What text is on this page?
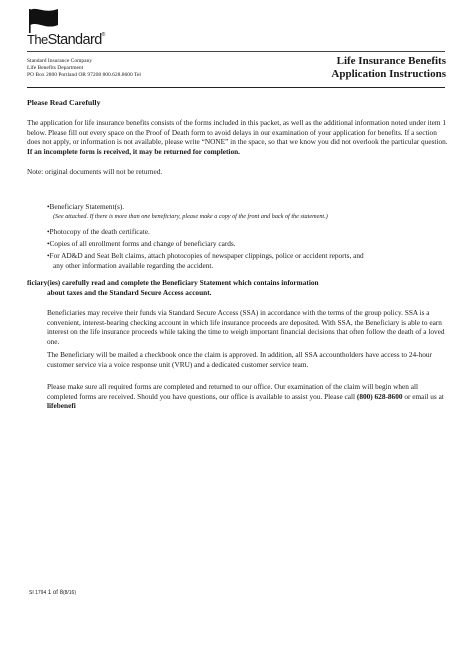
TheStandard®
Standard Insurance Company
Life Benefits Department
PO Box 2800 Portland OR 97208 800.628.8600 Tel
Life Insurance Benefits
Application Instructions
Please Read Carefully
The application for life insurance benefits consists of the forms included in this packet, as well as the additional information noted under item 1 below. Please fill out every space on the Proof of Death form to avoid delays in our examination of your application for benefits. If a section does not apply, or information is not available, please write “NONE” in the space, so that we know you did not overlook the particular question. If an incomplete form is received, it may be returned for completion.
Note: original documents will not be returned.
•Beneficiary Statement(s).
(See attached. If there is more than one beneficiary, please make a copy of the front and back of the statement.)
•Photocopy of the death certificate.
•Copies of all enrollment forms and change of beneficiary cards.
•For AD&D and Seat Belt claims, attach photocopies of newspaper clippings, police or accident reports, and
any other information available regarding the accident.
ficiary(ies) carefully read and complete the Beneficiary Statement which contains information
about taxes and the Standard Secure Access account.
Beneficiaries may receive their funds via Standard Secure Access (SSA) in accordance with the terms of the group policy. SSA is a convenient, interest-bearing checking account in which life insurance proceeds are deposited. With SSA, the Beneficiary is able to earn interest on the life insurance proceeds while taking the time to weigh important financial decisions that often follow the death of a loved one.
The Beneficiary will be mailed a checkbook once the claim is approved. In addition, all SSA accountholders have access to 24-hour customer service via a voice response unit (VRU) and a dedicated customer service team.
Please make sure all required forms are completed and returned to our office. Our examination of the claim will begin when all completed forms are received. Should you have questions, our office is available to assist you. Please call (800) 628-8600 or email us at lifebenefi
SI 1794 1 of 8(8/16)
